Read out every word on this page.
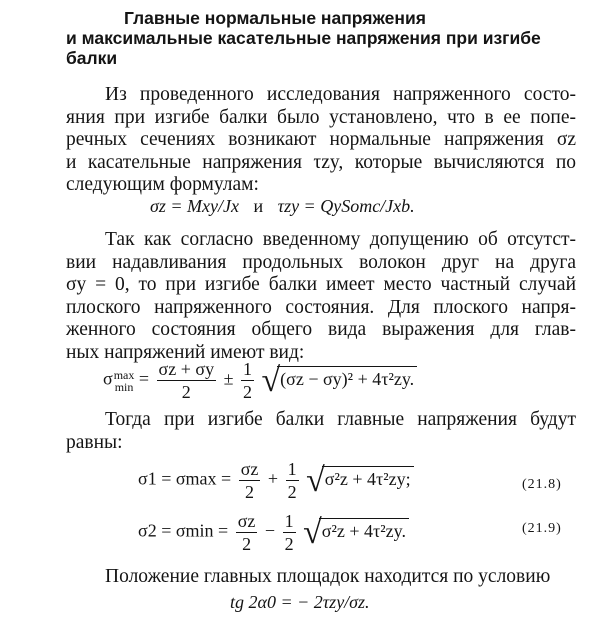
Главные нормальные напряжения
и максимальные касательные напряжения при изгибе
балки

Из проведенного исследования напряженного состо-
яния при изгибе балки было установлено, что в ее попе-
речных сечениях возникают нормальные напряжения σz
и касательные напряжения τzy, которые вычисляются по
следующим формулам:

σz = Mxy/Jx и τzy = QySотс/Jxb.

Так как согласно введенному допущению об отсутст-
вии надавливания продольных волокон друг на друга
σy = 0, то при изгибе балки имеет место частный случай
плоского напряженного состояния. Для плоского напря-
женного состояния общего вида выражения для глав-
ных напряжений имеют вид:

σmax
$\min = \frac{\sigma z + \sigma y}{2} \pm \frac{1}{2} √(\sigma z - \sigma y)^2 + 4\tau^2zy$.

Тогда при изгибе балки главные напряжения будут
равны:

$\sigma 1 = \sigma\max = \frac{\sigma z}{2} + \frac{1}{2} √\sigma^2z + 4\tau^2zy$;	(21.8)
$\sigma 2 = \sigma\min = \frac{\sigma z}{2} - \frac{1}{2} √\sigma^2z + 4\tau^2zy$.	(21.9)

Положение главных площадок находится по условию

tg 2α0 = − 2τzy/σz.
